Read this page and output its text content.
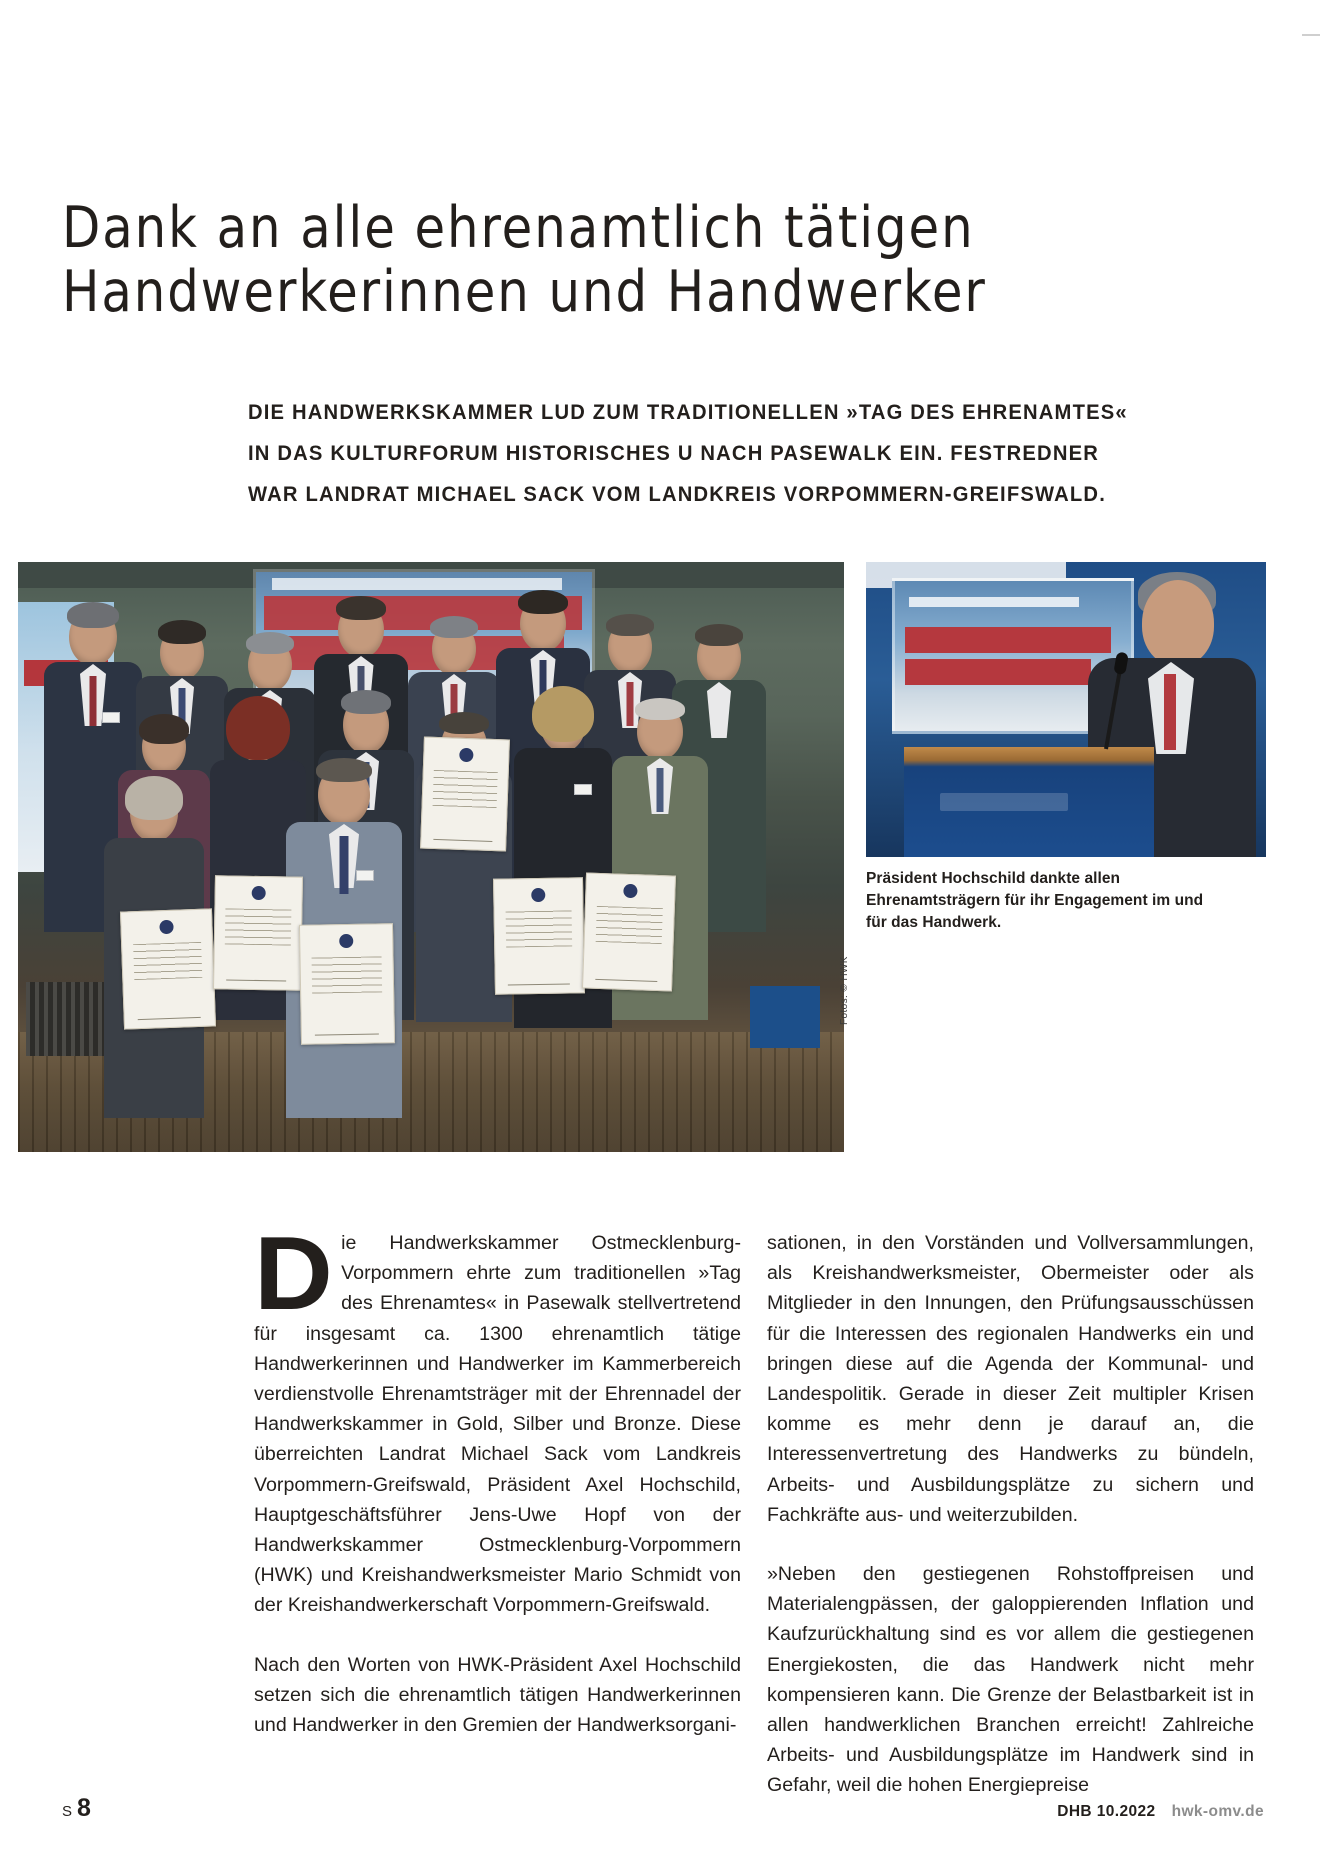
Dank an alle ehrenamtlich tätigen
Handwerkerinnen und Handwerker
DIE HANDWERKSKAMMER LUD ZUM TRADITIONELLEN »TAG DES EHRENAMTES«
IN DAS KULTURFORUM HISTORISCHES U NACH PASEWALK EIN. FESTREDNER
WAR LANDRAT MICHAEL SACK VOM LANDKREIS VORPOMMERN-GREIFSWALD.
Präsident Hochschild dankte allen Ehrenamtsträgern für ihr Engagement im und für das Handwerk.
Fotos: © HWK

Die Handwerkskammer Ostmecklenburg-Vorpommern ehrte zum traditionellen »Tag des Ehrenamtes« in Pasewalk stellvertretend für insgesamt ca. 1300 ehrenamtlich tätige Handwerkerinnen und Handwerker im Kammerbereich verdienstvolle Ehrenamtsträger mit der Ehrennadel der Handwerkskammer in Gold, Silber und Bronze. Diese überreichten Landrat Michael Sack vom Landkreis Vorpommern-Greifswald, Präsident Axel Hochschild, Hauptgeschäftsführer Jens-Uwe Hopf von der Handwerkskammer Ostmecklenburg-Vorpommern (HWK) und Kreishandwerksmeister Mario Schmidt von der Kreishandwerkerschaft Vorpommern-Greifswald.

Nach den Worten von HWK-Präsident Axel Hochschild setzen sich die ehrenamtlich tätigen Handwerkerinnen und Handwerker in den Gremien der Handwerksorgani-

sationen, in den Vorständen und Vollversammlungen, als Kreishandwerksmeister, Obermeister oder als Mitglieder in den Innungen, den Prüfungsausschüssen für die Interessen des regionalen Handwerks ein und bringen diese auf die Agenda der Kommunal- und Landespolitik. Gerade in dieser Zeit multipler Krisen komme es mehr denn je darauf an, die Interessenvertretung des Handwerks zu bündeln, Arbeits- und Ausbildungsplätze zu sichern und Fachkräfte aus- und weiterzubilden.

»Neben den gestiegenen Rohstoffpreisen und Materialengpässen, der galoppierenden Inflation und Kaufzurückhaltung sind es vor allem die gestiegenen Energiekosten, die das Handwerk nicht mehr kompensieren kann. Die Grenze der Belastbarkeit ist in allen handwerklichen Branchen erreicht! Zahlreiche Arbeits- und Ausbildungsplätze im Handwerk sind in Gefahr, weil die hohen Energiepreise

S 8	DHB 10.2022 hwk-omv.de
